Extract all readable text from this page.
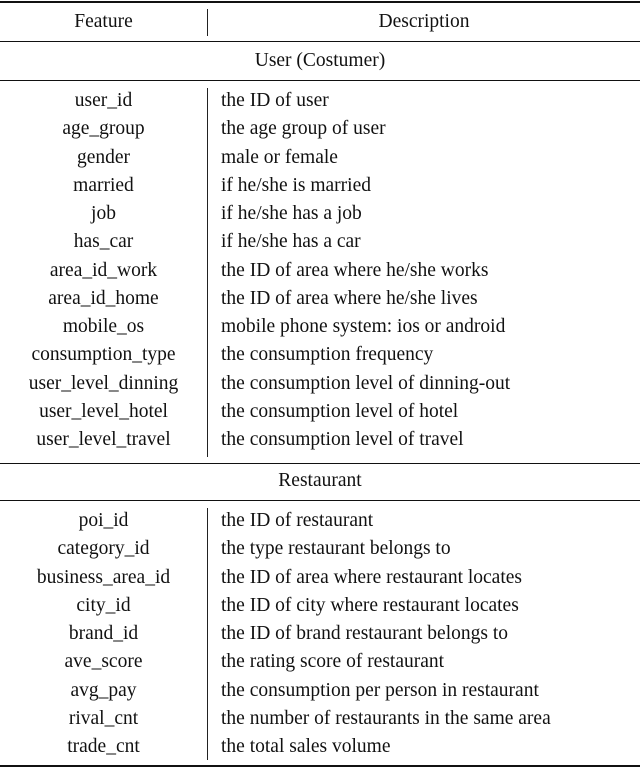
Feature	Description
User (Costumer)
user_id	the ID of user
age_group	the age group of user
gender	male or female
married	if he/she is married
job	if he/she has a job
has_car	if he/she has a car
area_id_work	the ID of area where he/she works
area_id_home	the ID of area where he/she lives
mobile_os	mobile phone system: ios or android
consumption_type	the consumption frequency
user_level_dinning	the consumption level of dinning-out
user_level_hotel	the consumption level of hotel
user_level_travel	the consumption level of travel
Restaurant
poi_id	the ID of restaurant
category_id	the type restaurant belongs to
business_area_id	the ID of area where restaurant locates
city_id	the ID of city where restaurant locates
brand_id	the ID of brand restaurant belongs to
ave_score	the rating score of restaurant
avg_pay	the consumption per person in restaurant
rival_cnt	the number of restaurants in the same area
trade_cnt	the total sales volume
